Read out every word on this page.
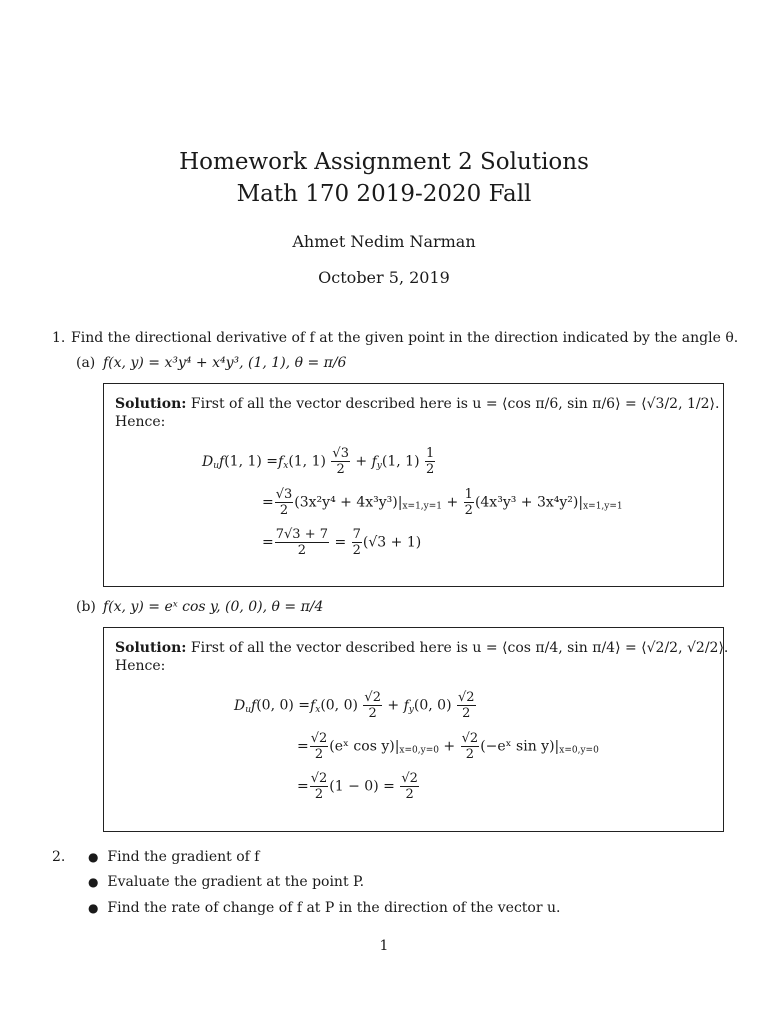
Homework Assignment 2 Solutions
Math 170 2019-2020 Fall
Ahmet Nedim Narman
October 5, 2019
1. Find the directional derivative of f at the given point in the direction indicated by the angle θ.
(a) f(x, y) = x³y⁴ + x⁴y³, (1, 1), θ = π/6
Solution: First of all the vector described here is u = ⟨cos π/6, sin π/6⟩ = ⟨√3/2, 1/2⟩.
Hence:
$D_uf(1$, $1) =f_x(1$, $1) \frac{√3}{2} + f_y(1$, $1) \frac{1}{2}$
= $\frac{√3}{2} (3x^2y^4 + 4x^3y^3)|_{x=1,y=1} + \frac{1}{2} (4x^3y^3 + 3x^4y^2)|_{x=1,y=1}$
= $\frac{7√3 + 7}{2} = \frac{7}{2} (√3 + 1)$
(b) f(x, y) = eˣ cos y, (0, 0), θ = π/4
Solution: First of all the vector described here is u = ⟨cos π/4, sin π/4⟩ = ⟨√2/2, √2/2⟩.
Hence:
$D_uf(0$, $0) =f_x(0$, $0) \frac{√2}{2} + f_y(0$, $0) \frac{√2}{2}$
= $\frac{√2}{2}$ (eˣ $\cos y)|_{x=0,y=0} + \frac{√2}{2}$ (−eˣ $\sin y)|_{x=0,y=0}$
= $\frac{√2}{2} (1 - 0) = \frac{√2}{2}$
2. ● Find the gradient of f
● Evaluate the gradient at the point P.
● Find the rate of change of f at P in the direction of the vector u.
1
